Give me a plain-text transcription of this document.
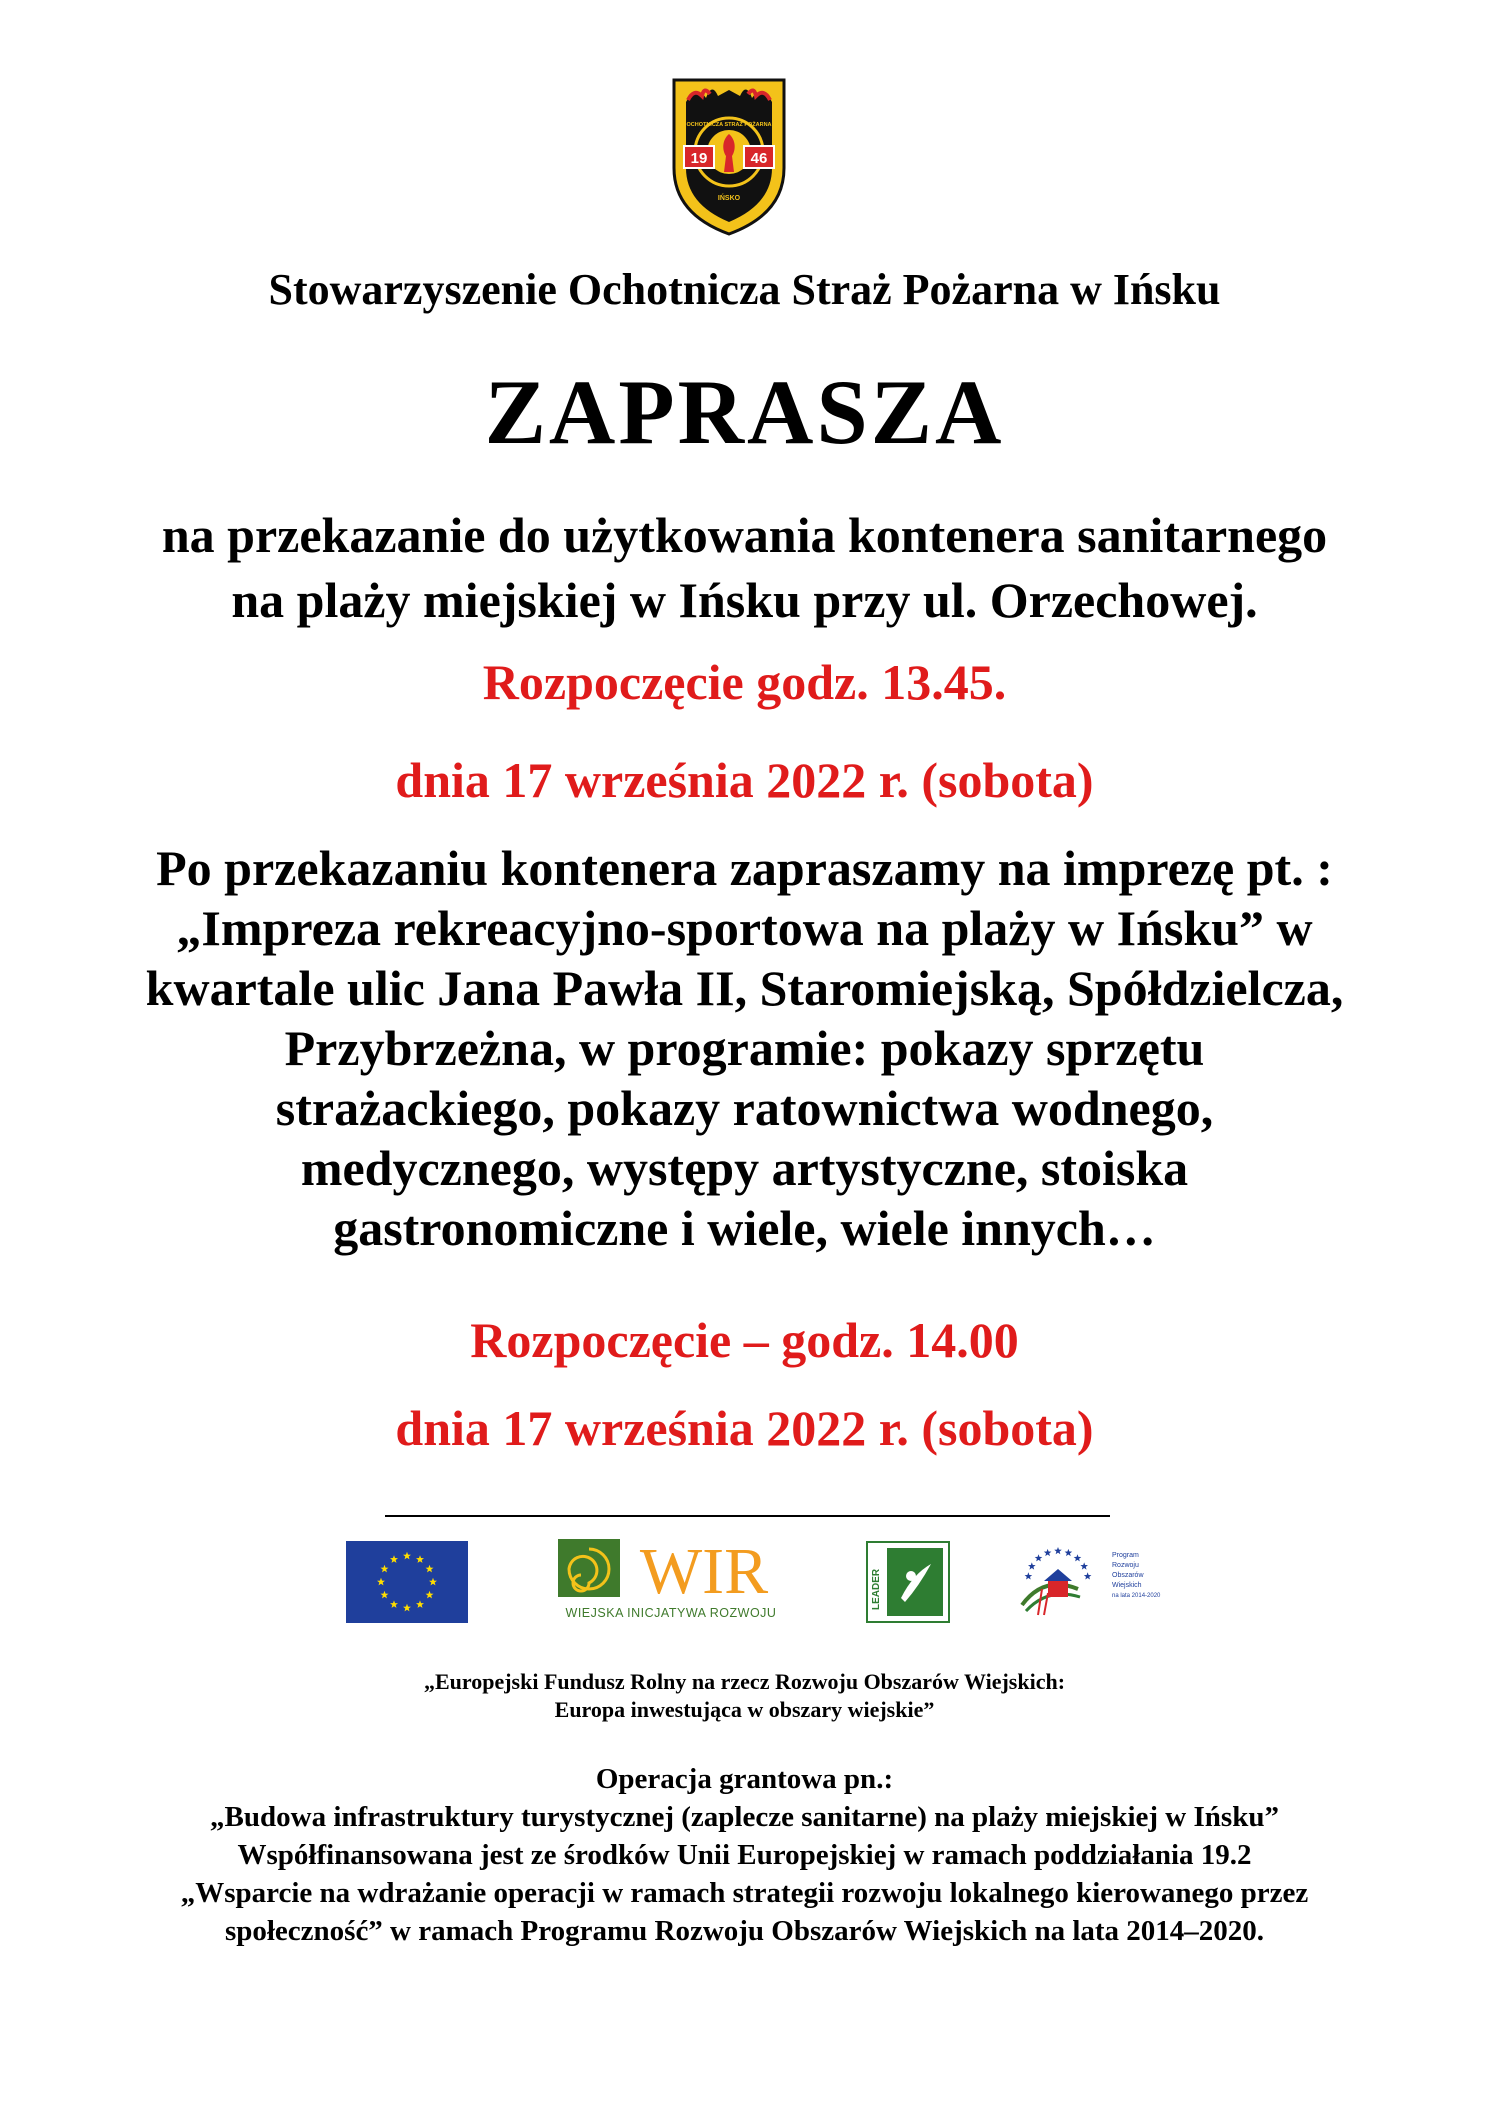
19	46
OCHOTNICZA STRAŻ POŻARNA
IŃSKO
Stowarzyszenie Ochotnicza Straż Pożarna w Ińsku
ZAPRASZA
na przekazanie do użytkowania kontenera sanitarnego
na plaży miejskiej w Ińsku przy ul. Orzechowej.
Rozpoczęcie godz. 13.45.
dnia 17 września 2022 r. (sobota)
Po przekazaniu kontenera zapraszamy na imprezę pt. :
„Impreza rekreacyjno-sportowa na plaży w Ińsku” w
kwartale ulic Jana Pawła II, Staromiejską, Spółdzielcza,
Przybrzeżna, w programie: pokazy sprzętu
strażackiego, pokazy ratownictwa wodnego,
medycznego, występy artystyczne, stoiska
gastronomiczne i wiele, wiele innych…
Rozpoczęcie – godz. 14.00
dnia 17 września 2022 r. (sobota)
WIR
WIEJSKA INICJATYWA ROZWOJU
LEADER
Program
Rozwoju
Obszarów
Wiejskich
na lata 2014-2020
„Europejski Fundusz Rolny na rzecz Rozwoju Obszarów Wiejskich:
Europa inwestująca w obszary wiejskie”
Operacja grantowa pn.:
„Budowa infrastruktury turystycznej (zaplecze sanitarne) na plaży miejskiej w Ińsku”
Współfinansowana jest ze środków Unii Europejskiej w ramach poddziałania 19.2
„Wsparcie na wdrażanie operacji w ramach strategii rozwoju lokalnego kierowanego przez
społeczność” w ramach Programu Rozwoju Obszarów Wiejskich na lata 2014–2020.
